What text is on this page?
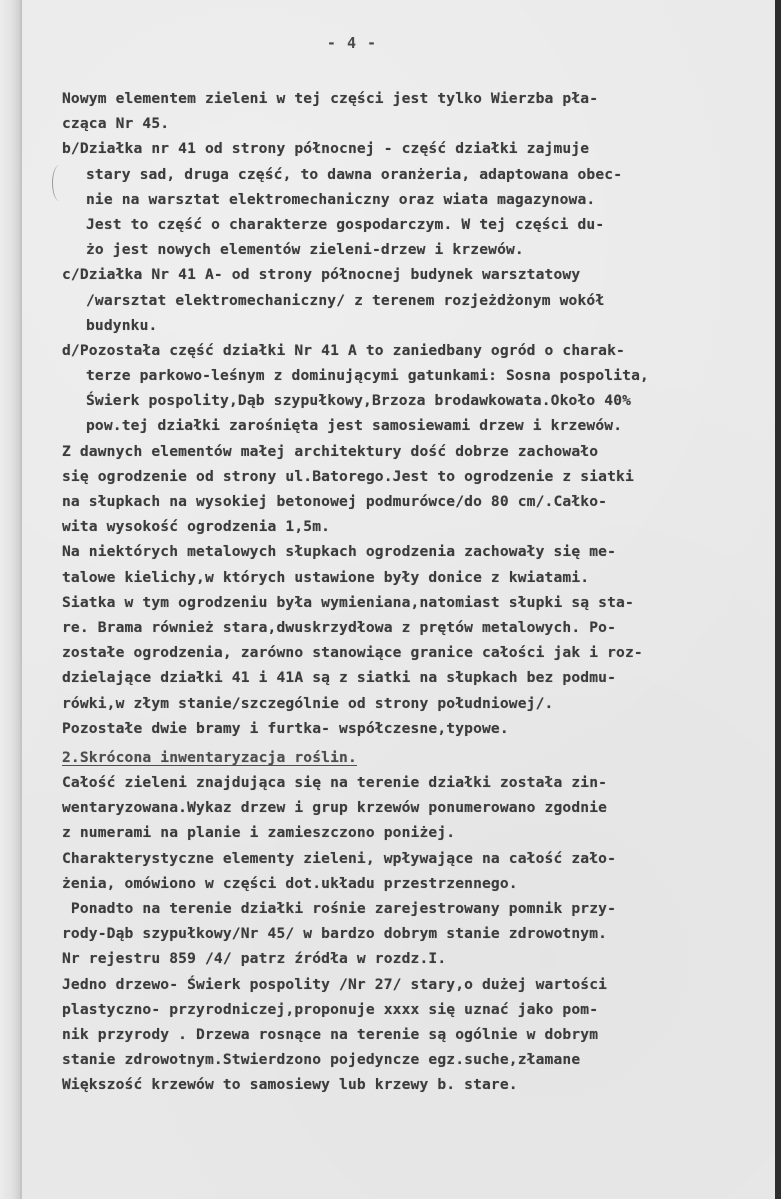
- 4 -
Nowym elementem zieleni w tej części jest tylko Wierzba pła-
cząca Nr 45.
b/Działka nr 41 od strony północnej - część działki zajmuje
stary sad, druga część, to dawna oranżeria, adaptowana obec-
nie na warsztat elektromechaniczny oraz wiata magazynowa.
Jest to część o charakterze gospodarczym. W tej części du-
żo jest nowych elementów zieleni-drzew i krzewów.
c/Działka Nr 41 A- od strony północnej budynek warsztatowy
/warsztat elektromechaniczny/ z terenem rozjeżdżonym wokół
budynku.
d/Pozostała część działki Nr 41 A to zaniedbany ogród o charak-
terze parkowo-leśnym z dominującymi gatunkami: Sosna pospolita,
Świerk pospolity,Dąb szypułkowy,Brzoza brodawkowata.Około 40%
pow.tej działki zarośnięta jest samosiewami drzew i krzewów.
Z dawnych elementów małej architektury dość dobrze zachowało
się ogrodzenie od strony ul.Batorego.Jest to ogrodzenie z siatki
na słupkach na wysokiej betonowej podmurówce/do 80 cm/.Całko-
wita wysokość ogrodzenia 1,5m.
Na niektórych metalowych słupkach ogrodzenia zachowały się me-
talowe kielichy,w których ustawione były donice z kwiatami.
Siatka w tym ogrodzeniu była wymieniana,natomiast słupki są sta-
re. Brama również stara,dwuskrzydłowa z prętów metalowych. Po-
zostałe ogrodzenia, zarówno stanowiące granice całości jak i roz-
dzielające działki 41 i 41A są z siatki na słupkach bez podmu-
rówki,w złym stanie/szczególnie od strony południowej/.
Pozostałe dwie bramy i furtka- współczesne,typowe.
2.Skrócona inwentaryzacja roślin.
Całość zieleni znajdująca się na terenie działki została zin-
wentaryzowana.Wykaz drzew i grup krzewów ponumerowano zgodnie
z numerami na planie i zamieszczono poniżej.
Charakterystyczne elementy zieleni, wpływające na całość zało-
żenia, omówiono w części dot.układu przestrzennego.
Ponadto na terenie działki rośnie zarejestrowany pomnik przy-
rody-Dąb szypułkowy/Nr 45/ w bardzo dobrym stanie zdrowotnym.
Nr rejestru 859 /4/ patrz źródła w rozdz.I.
Jedno drzewo- Świerk pospolity /Nr 27/ stary,o dużej wartości
plastyczno- przyrodniczej,proponuje xxxx się uznać jako pom-
nik przyrody . Drzewa rosnące na terenie są ogólnie w dobrym
stanie zdrowotnym.Stwierdzono pojedyncze egz.suche,złamane
Większość krzewów to samosiewy lub krzewy b. stare.
